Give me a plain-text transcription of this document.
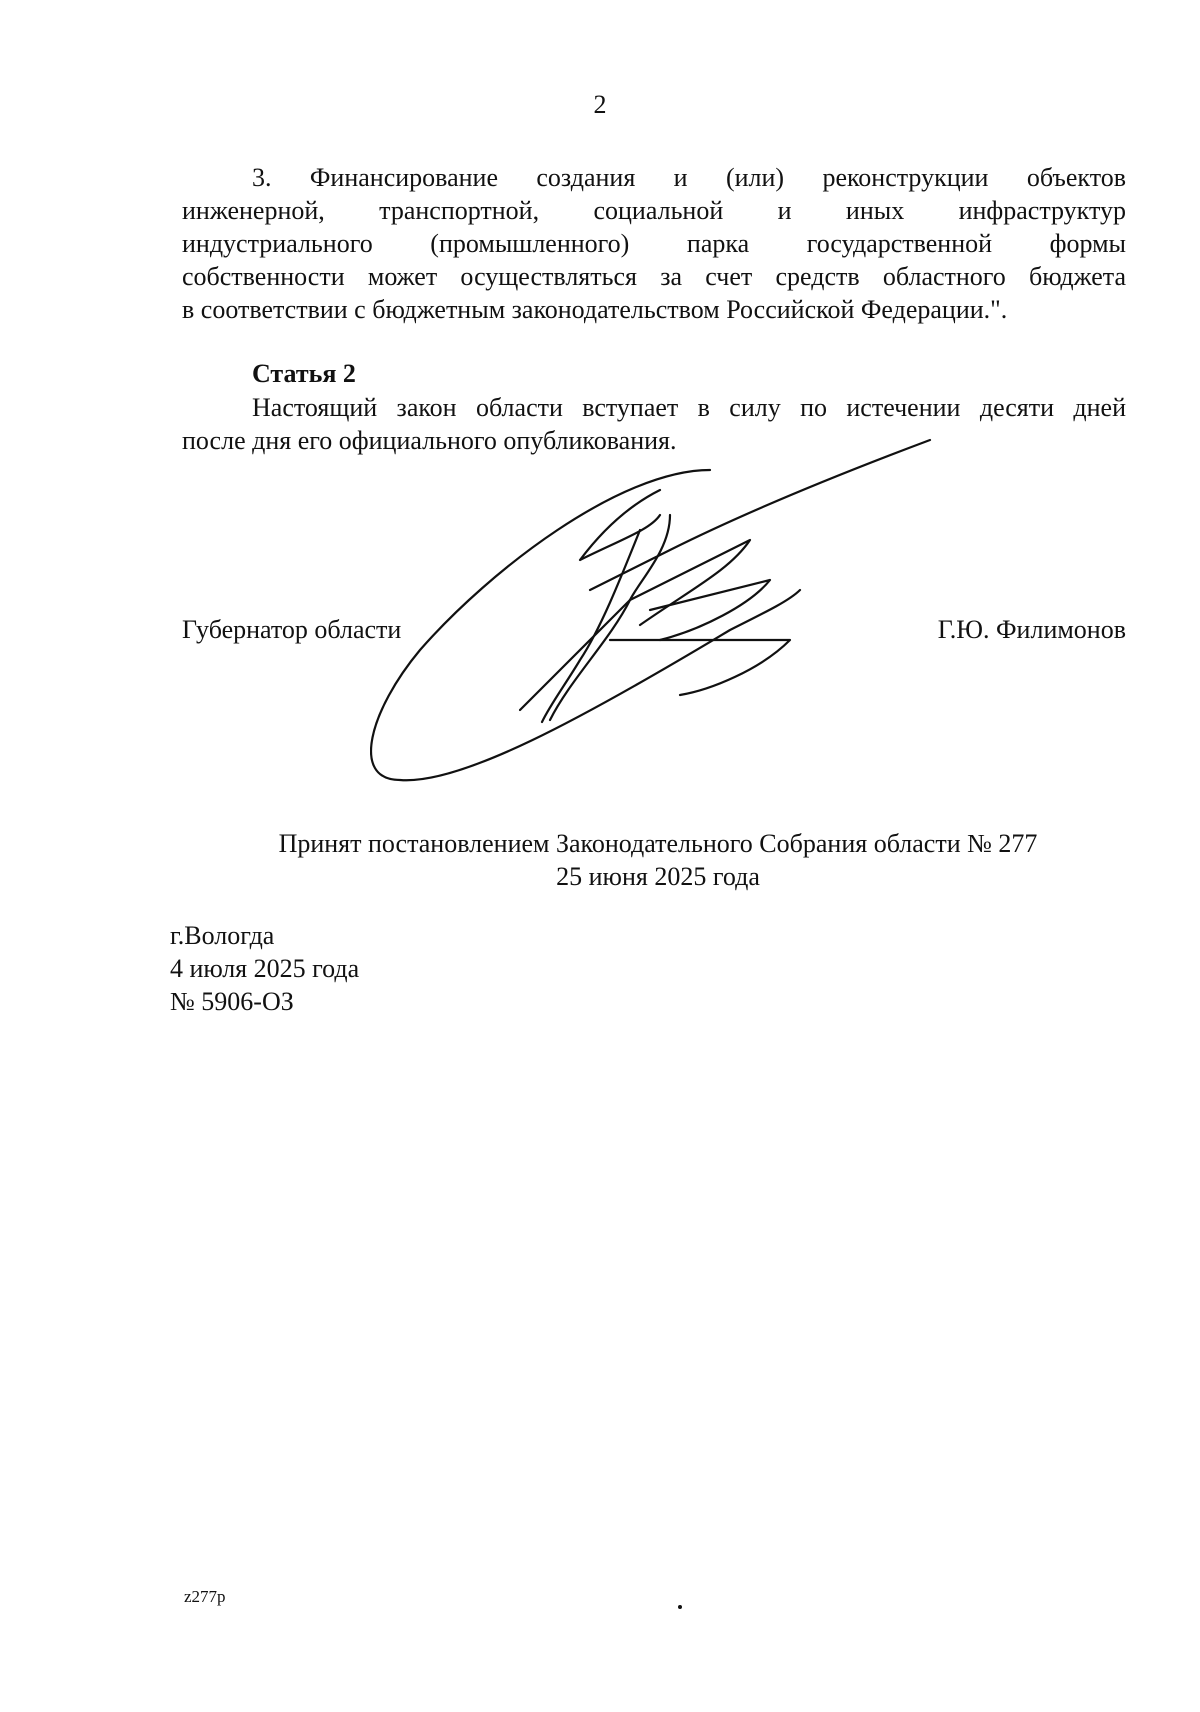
2
3. Финансирование создания и (или) реконструкции объектов
инженерной, транспортной, социальной и иных инфраструктур
индустриального (промышленного) парка государственной формы
собственности может осуществляться за счет средств областного бюджета
в соответствии с бюджетным законодательством Российской Федерации.".
Статья 2
Настоящий закон области вступает в силу по истечении десяти дней
после дня его официального опубликования.
Губернатор области	Г.Ю. Филимонов
Принят постановлением Законодательного Собрания области № 277
25 июня 2025 года
г.Вологда
4 июля 2025 года
№ 5906-ОЗ
z277p
